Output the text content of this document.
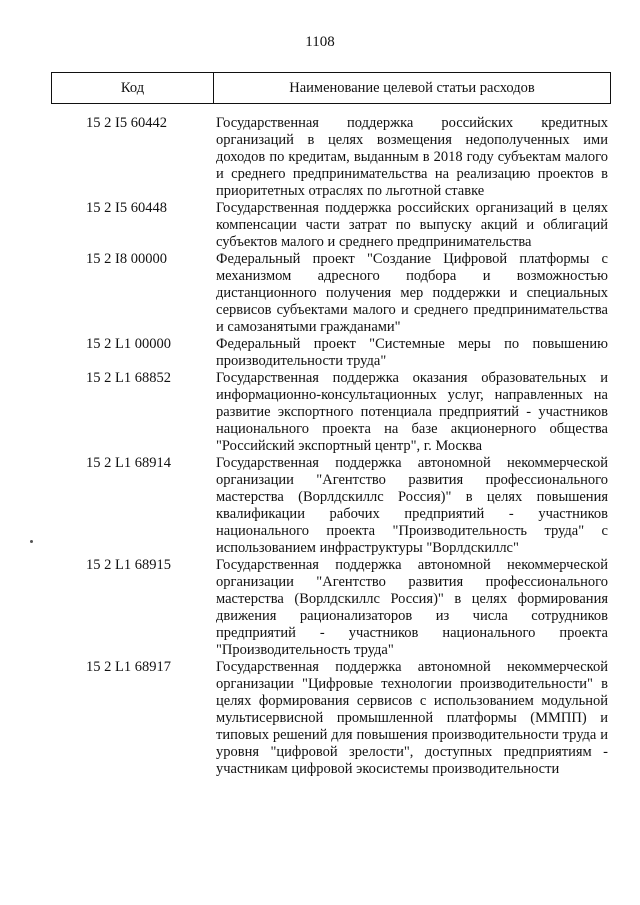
1108
Код	Наименование целевой статьи расходов
15 2 I5 60442	Государственная поддержка российских кредитных организаций в целях возмещения недополученных ими доходов по кредитам, выданным в 2018 году субъектам малого и среднего предпринимательства на реализацию проектов в приоритетных отраслях по льготной ставке
15 2 I5 60448	Государственная поддержка российских организаций в целях компенсации части затрат по выпуску акций и облигаций субъектов малого и среднего предпринимательства
15 2 I8 00000	Федеральный проект "Создание Цифровой платформы с механизмом адресного подбора и возможностью дистанционного получения мер поддержки и специальных сервисов субъектами малого и среднего предпринимательства и самозанятыми гражданами"
15 2 L1 00000	Федеральный проект "Системные меры по повышению производительности труда"
15 2 L1 68852	Государственная поддержка оказания образовательных и информационно-консультационных услуг, направленных на развитие экспортного потенциала предприятий - участников национального проекта на базе акционерного общества "Российский экспортный центр", г. Москва
15 2 L1 68914	Государственная поддержка автономной некоммерческой организации "Агентство развития профессионального мастерства (Ворлдскиллс Россия)" в целях повышения квалификации рабочих предприятий - участников национального проекта "Производительность труда" с использованием инфраструктуры "Ворлдскиллс"
15 2 L1 68915	Государственная поддержка автономной некоммерческой организации "Агентство развития профессионального мастерства (Ворлдскиллс Россия)" в целях формирования движения рационализаторов из числа сотрудников предприятий - участников национального проекта "Производительность труда"
15 2 L1 68917	Государственная поддержка автономной некоммерческой организации "Цифровые технологии производительности" в целях формирования сервисов с использованием модульной мультисервисной промышленной платформы (ММПП) и типовых решений для повышения производительности труда и уровня "цифровой зрелости", доступных предприятиям - участникам цифровой экосистемы производительности
